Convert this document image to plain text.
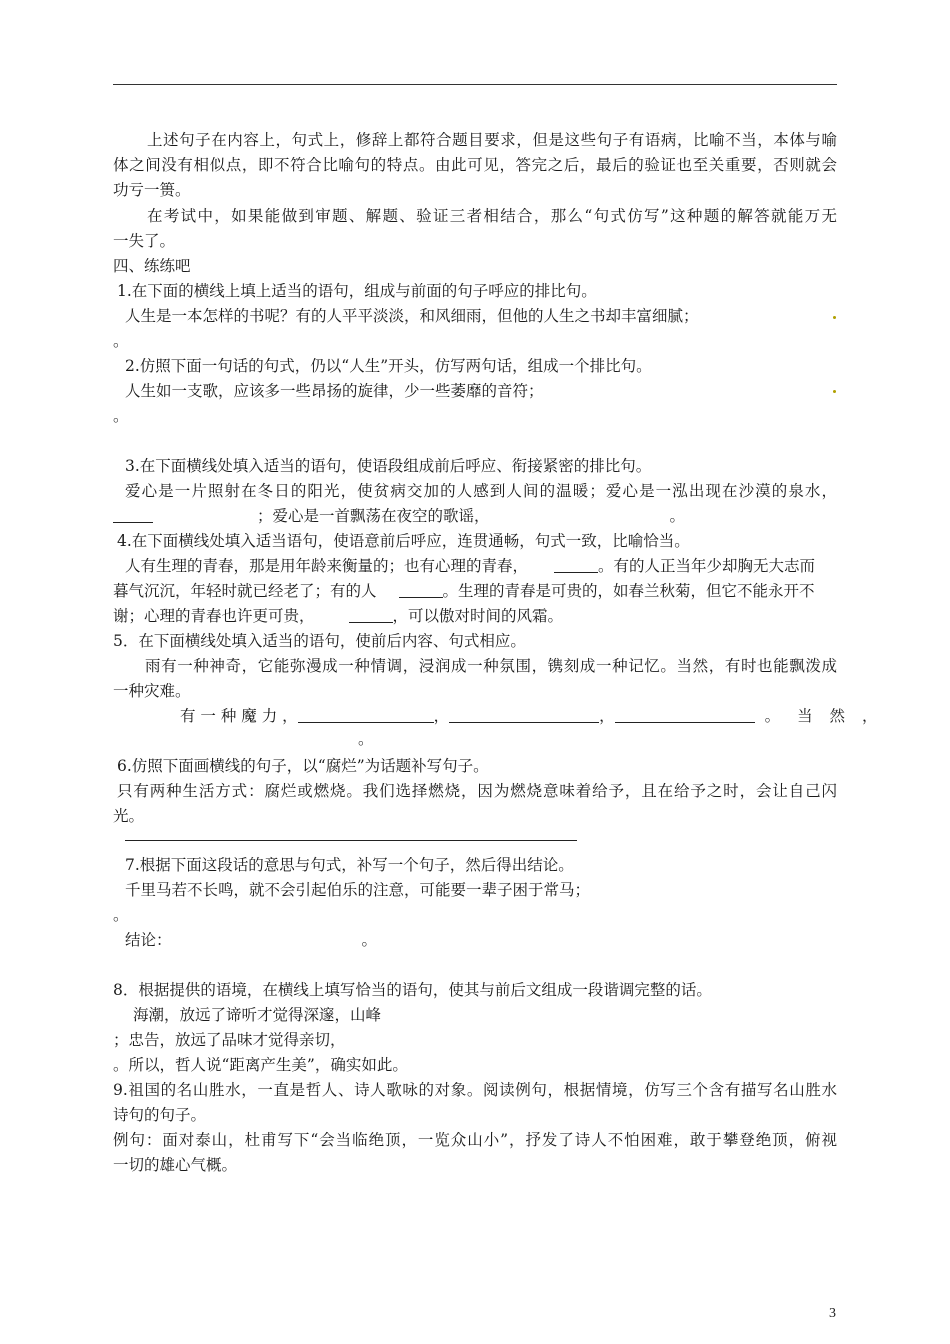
上述句子在内容上，句式上，修辞上都符合题目要求，但是这些句子有语病，比喻不当，本体与喻
体之间没有相似点，即不符合比喻句的特点。由此可见，答完之后，最后的验证也至关重要，否则就会
功亏一篑。
在考试中，如果能做到审题、解题、验证三者相结合，那么“句式仿写”这种题的解答就能万无
一失了。
四、练练吧
1.在下面的横线上填上适当的语句，组成与前面的句子呼应的排比句。
人生是一本怎样的书呢？有的人平平淡淡，和风细雨，但他的人生之书却丰富细腻；
。
2.仿照下面一句话的句式，仍以“人生”开头，仿写两句话，组成一个排比句。
人生如一支歌，应该多一些昂扬的旋律，少一些萎靡的音符；
。
3.在下面横线处填入适当的语句，使语段组成前后呼应、衔接紧密的排比句。
爱心是一片照射在冬日的阳光，使贫病交加的人感到人间的温暖；爱心是一泓出现在沙漠的泉水，
；爱心是一首飘荡在夜空的歌谣，	。
4.在下面横线处填入适当语句，使语意前后呼应，连贯通畅，句式一致，比喻恰当。
人有生理的青春，那是用年龄来衡量的；也有心理的青春，	。有的人正当年少却胸无大志而
暮气沉沉，年轻时就已经老了；有的人	。生理的青春是可贵的，如春兰秋菊，但它不能永开不
谢；心理的青春也许更可贵，	，可以傲对时间的风霜。
5．在下面横线处填入适当的语句，使前后内容、句式相应。
雨有一种神奇，它能弥漫成一种情调，浸润成一种氛围，镌刻成一种记忆。当然，有时也能飘泼成
一种灾难。
有 一 种 魔 力 ，	，	，	。 当 然 ，
。
6.仿照下面画横线的句子，以“腐烂”为话题补写句子。
只有两种生活方式：腐烂或燃烧。我们选择燃烧，因为燃烧意味着给予，且在给予之时，会让自己闪
光。
7.根据下面这段话的意思与句式，补写一个句子，然后得出结论。
千里马若不长鸣，就不会引起伯乐的注意，可能要一辈子困于常马；
。
结论：	。
8．根据提供的语境，在横线上填写恰当的语句，使其与前后文组成一段谐调完整的话。
海潮，放远了谛听才觉得深邃，山峰
；忠告，放远了品味才觉得亲切，
。所以，哲人说“距离产生美”，确实如此。
9.祖国的名山胜水，一直是哲人、诗人歌咏的对象。阅读例句，根据情境，仿写三个含有描写名山胜水
诗句的句子。
例句：面对泰山，杜甫写下“会当临绝顶，一览众山小”，抒发了诗人不怕困难，敢于攀登绝顶，俯视
一切的雄心气概。
3
